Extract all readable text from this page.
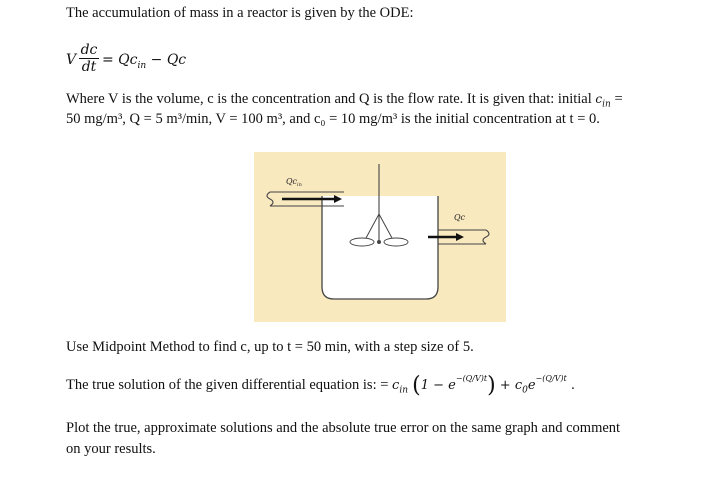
The accumulation of mass in a reactor is given by the ODE:
V
dc
dt = $Qc_{in} - Qc$
Where V is the volume, c is the concentration and Q is the flow rate. It is given that: initial $c_{in}$ =
50 mg/m³, Q = 5 m³/min, V = 100 m³, and c₀ = 10 mg/m³ is the initial concentration at t = 0.
$Qc_{in}$
Qc
Use Midpoint Method to find c, up to t = 50 min, with a step size of 5.
The true solution of the given differential equation is: = $c_{in}$ $(1 - e^{-(Q/V)t}) + c_0e^{-(Q/V)t}$ .
Plot the true, approximate solutions and the absolute true error on the same graph and comment
on your results.
